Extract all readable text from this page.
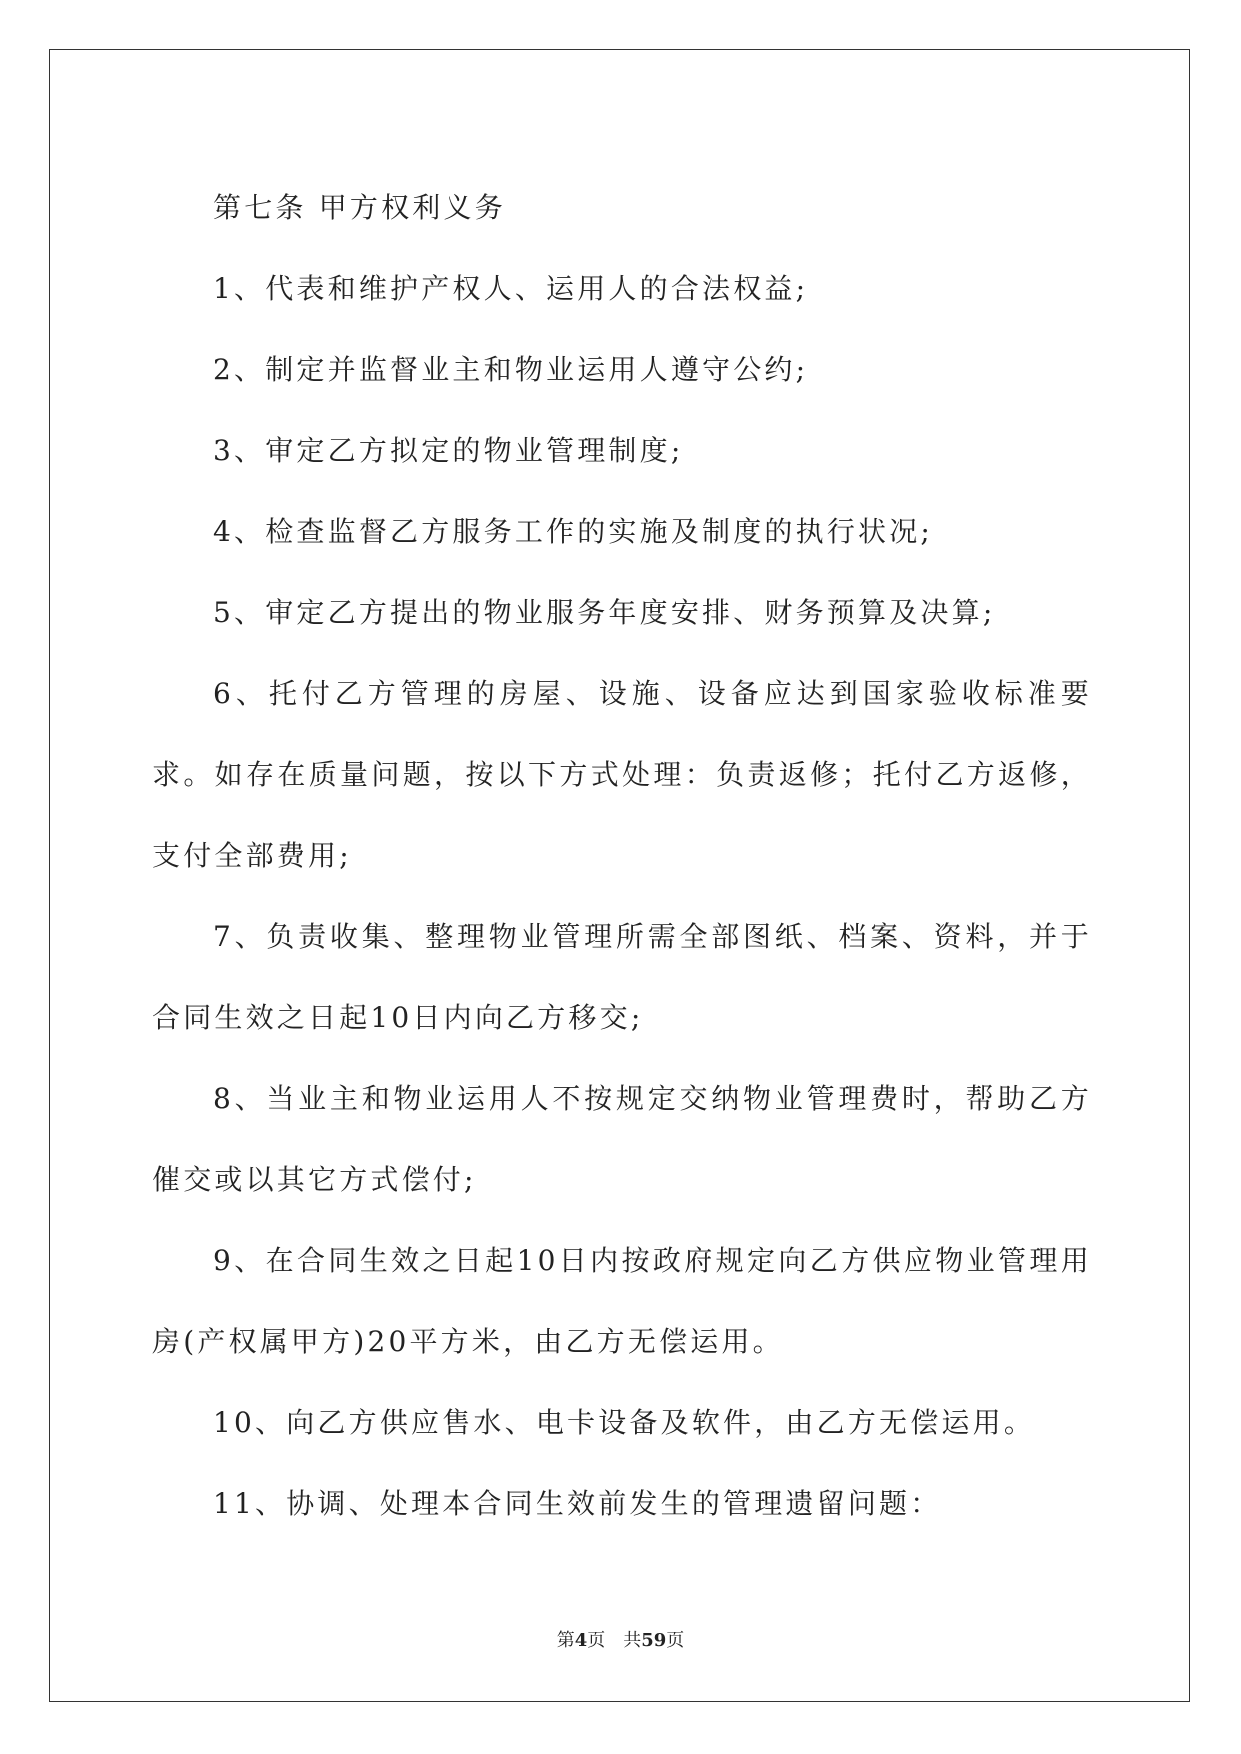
第七条 甲方权利义务

1、代表和维护产权人、运用人的合法权益;

2、制定并监督业主和物业运用人遵守公约;

3、审定乙方拟定的物业管理制度;

4、检查监督乙方服务工作的实施及制度的执行状况;

5、审定乙方提出的物业服务年度安排、财务预算及决算;

6、托付乙方管理的房屋、设施、设备应达到国家验收标准要求。如存在质量问题，按以下方式处理：负责返修；托付乙方返修，支付全部费用;

7、负责收集、整理物业管理所需全部图纸、档案、资料，并于合同生效之日起10日内向乙方移交;

8、当业主和物业运用人不按规定交纳物业管理费时，帮助乙方催交或以其它方式偿付;

9、在合同生效之日起10日内按政府规定向乙方供应物业管理用房(产权属甲方)20平方米，由乙方无偿运用。

10、向乙方供应售水、电卡设备及软件，由乙方无偿运用。

11、协调、处理本合同生效前发生的管理遗留问题：

第4页 共59页
